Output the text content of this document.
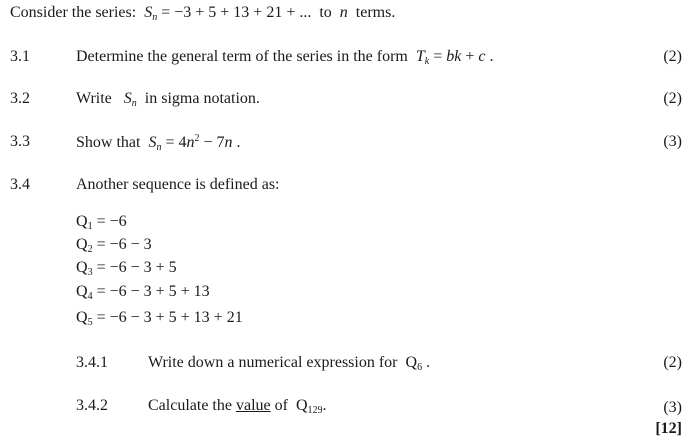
Consider the series: $S_n = -3 + 5 + 13 + 21$ + ...  to  n  terms.
3.1	Determine the general term of the series in the form $T_k$ = bk + c .	(2)
3.2	Write $S_n$ in sigma notation.	(2)
3.3	Show that $S_n = 4n^2 - 7n$ .	(3)
3.4	Another sequence is defined as:
$Q_1 = -6$
$Q_2 = -6 - 3$
$Q_3 = -6 - 3 + 5$
$Q_4 = -6 - 3 + 5 + 13$
$Q_5 = -6 - 3 + 5 + 13 + 21$
3.4.1	Write down a numerical expression for $Q_6$ .	(2)
3.4.2	Calculate the value of $Q_{129}$.	(3)
[12]
